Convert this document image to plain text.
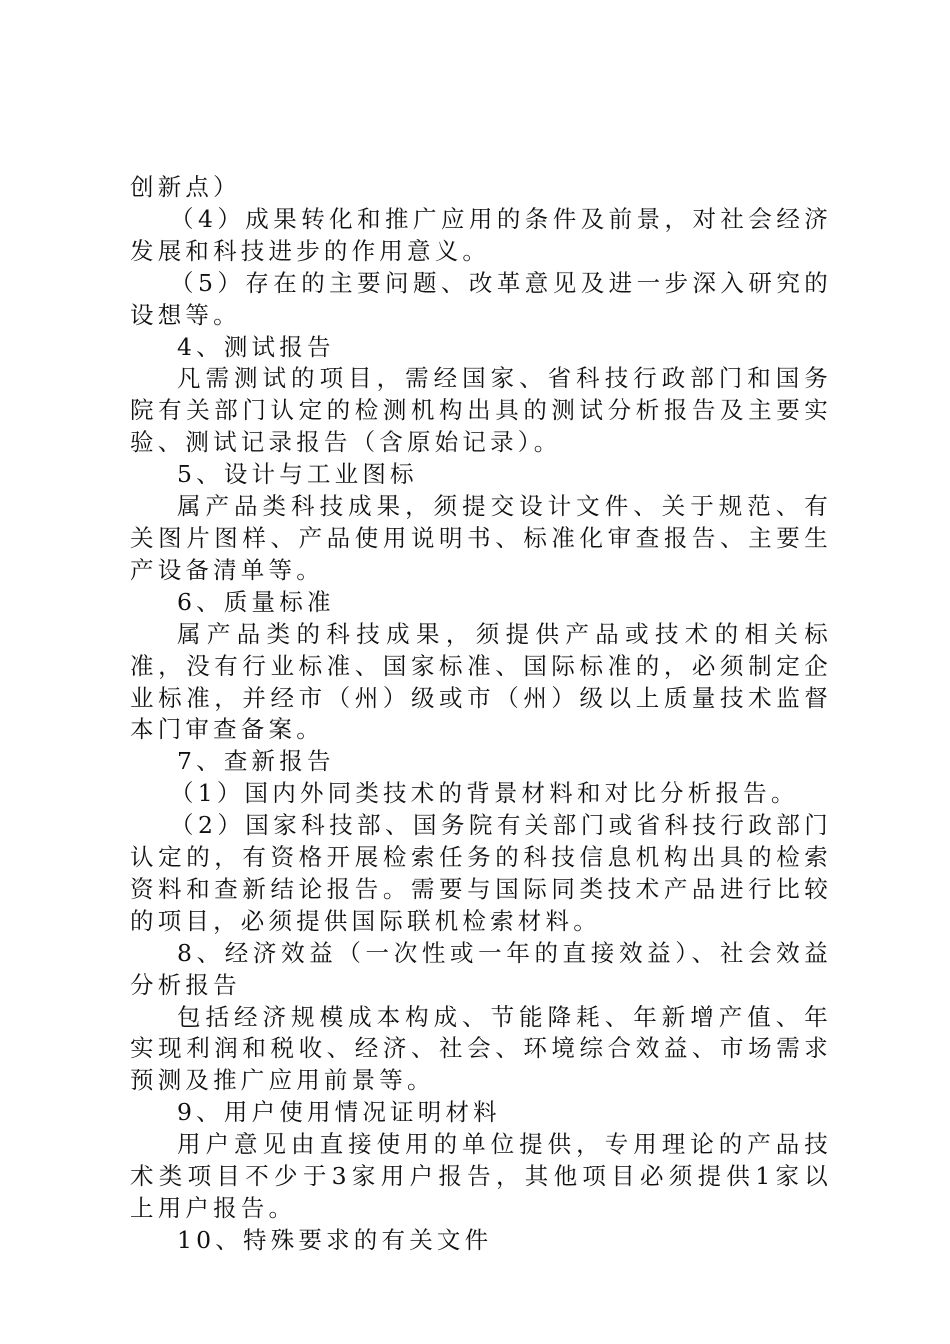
创新点）

（4）成果转化和推广应用的条件及前景，对社会经济发展和科技进步的作用意义。

（5）存在的主要问题、改革意见及进一步深入研究的设想等。

4、测试报告

凡需测试的项目，需经国家、省科技行政部门和国务院有关部门认定的检测机构出具的测试分析报告及主要实验、测试记录报告（含原始记录）。

5、设计与工业图标

属产品类科技成果，须提交设计文件、关于规范、有关图片图样、产品使用说明书、标准化审查报告、主要生产设备清单等。

6、质量标准

属产品类的科技成果，须提供产品或技术的相关标准，没有行业标准、国家标准、国际标准的，必须制定企业标准，并经市（州）级或市（州）级以上质量技术监督本门审查备案。

7、查新报告

（1）国内外同类技术的背景材料和对比分析报告。

（2）国家科技部、国务院有关部门或省科技行政部门认定的，有资格开展检索任务的科技信息机构出具的检索资料和查新结论报告。需要与国际同类技术产品进行比较的项目，必须提供国际联机检索材料。

8、经济效益（一次性或一年的直接效益）、社会效益分析报告

包括经济规模成本构成、节能降耗、年新增产值、年实现利润和税收、经济、社会、环境综合效益、市场需求预测及推广应用前景等。

9、用户使用情况证明材料

用户意见由直接使用的单位提供，专用理论的产品技术类项目不少于3家用户报告，其他项目必须提供1家以上用户报告。

10、特殊要求的有关文件
